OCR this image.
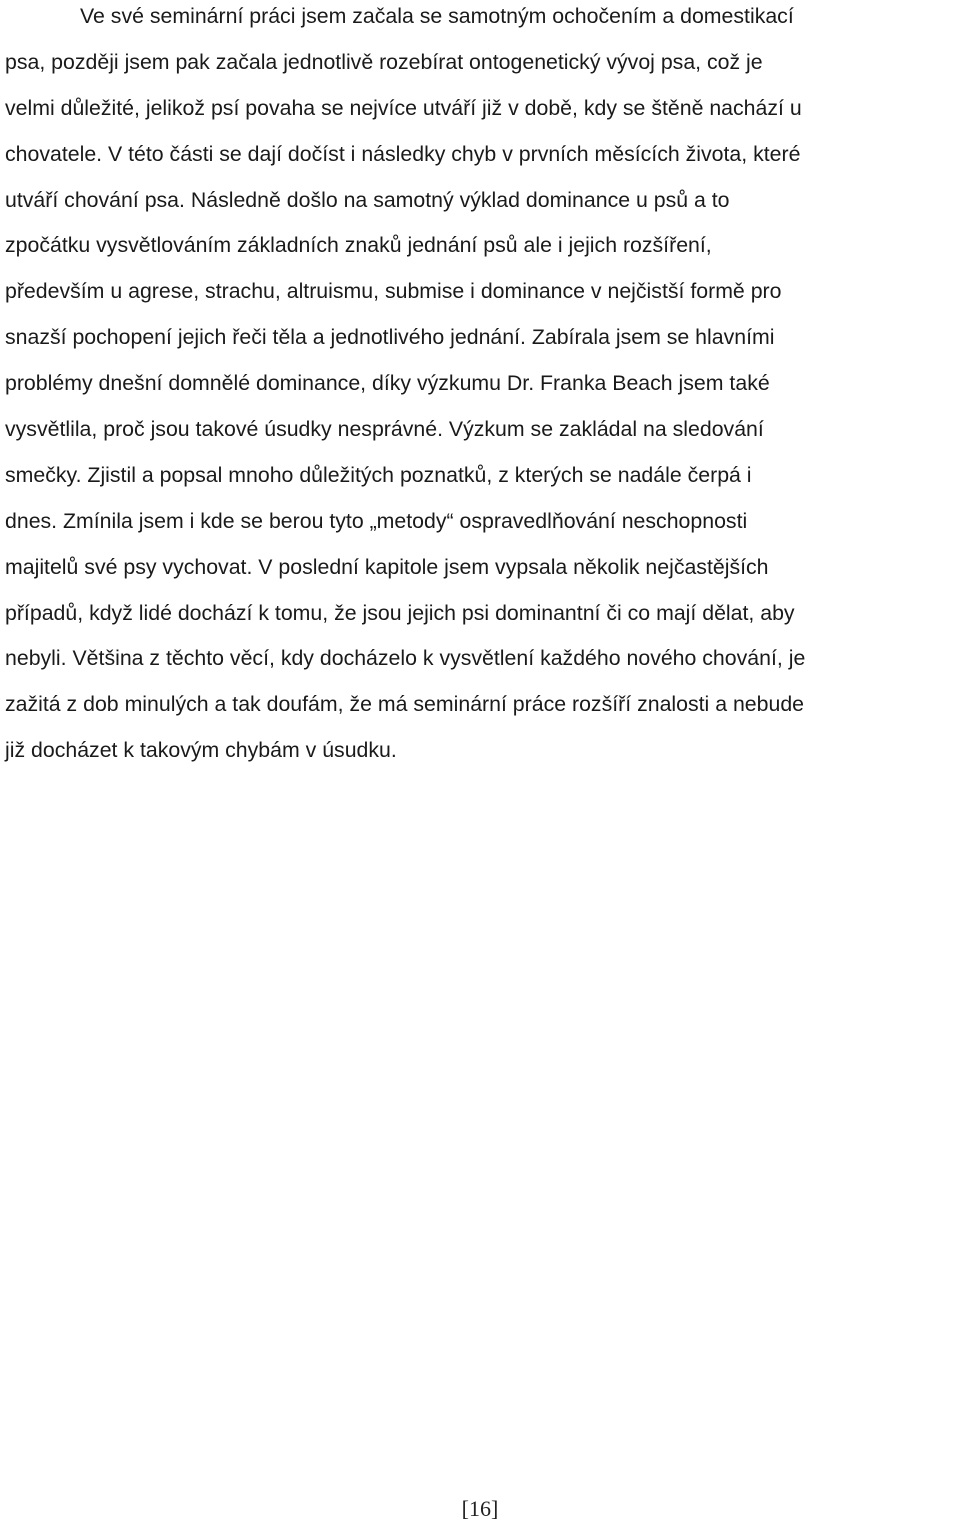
Ve své seminární práci jsem začala se samotným ochočením a domestikací
psa, později jsem pak začala jednotlivě rozebírat ontogenetický vývoj psa, což je
velmi důležité, jelikož psí povaha se nejvíce utváří již v době, kdy se štěně nachází u
chovatele. V této části se dají dočíst i následky chyb v prvních měsících života, které
utváří chování psa. Následně došlo na samotný výklad dominance u psů a to
zpočátku vysvětlováním základních znaků jednání psů ale i jejich rozšíření,
především u agrese, strachu, altruismu, submise i dominance v nejčistší formě pro
snazší pochopení jejich řeči těla a jednotlivého jednání. Zabírala jsem se hlavními
problémy dnešní domnělé dominance, díky výzkumu Dr. Franka Beach jsem také
vysvětlila, proč jsou takové úsudky nesprávné. Výzkum se zakládal na sledování
smečky. Zjistil a popsal mnoho důležitých poznatků, z kterých se nadále čerpá i
dnes. Zmínila jsem i kde se berou tyto „metody“ ospravedlňování neschopnosti
majitelů své psy vychovat. V poslední kapitole jsem vypsala několik nejčastějších
případů, když lidé dochází k tomu, že jsou jejich psi dominantní či co mají dělat, aby
nebyli. Většina z těchto věcí, kdy docházelo k vysvětlení každého nového chování, je
zažitá z dob minulých a tak doufám, že má seminární práce rozšíří znalosti a nebude
již docházet k takovým chybám v úsudku.
[16]
